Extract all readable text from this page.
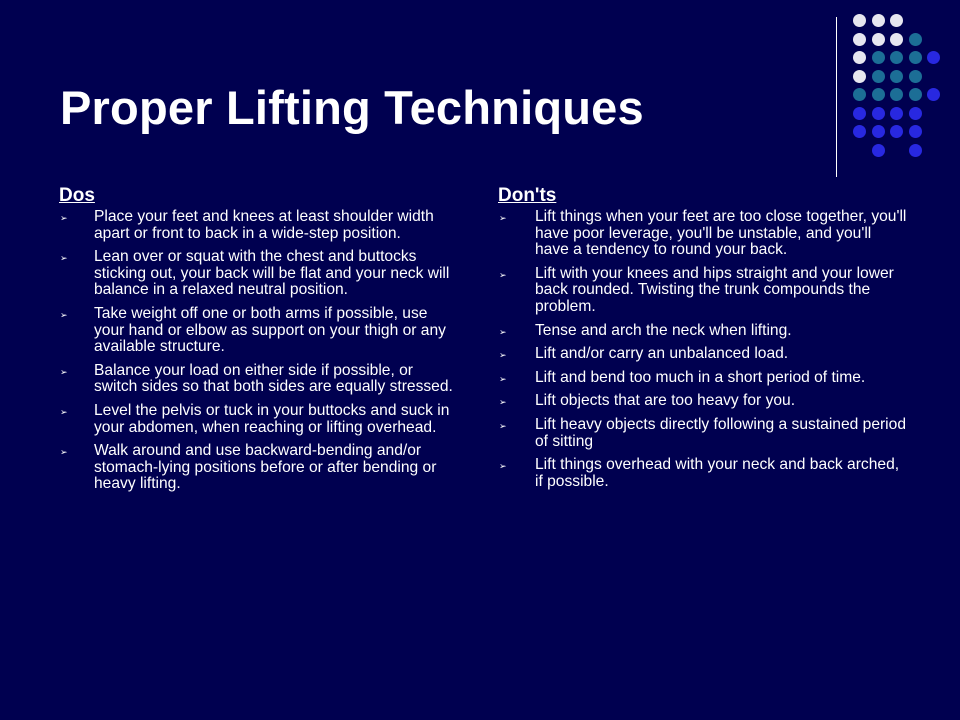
Proper Lifting Techniques
Dos
➢ Place your feet and knees at least shoulder width apart or front to back in a wide-step position.
➢ Lean over or squat with the chest and buttocks sticking out, your back will be flat and your neck will balance in a relaxed neutral position.
➢ Take weight off one or both arms if possible, use your hand or elbow as support on your thigh or any available structure.
➢ Balance your load on either side if possible, or switch sides so that both sides are equally stressed.
➢ Level the pelvis or tuck in your buttocks and suck in your abdomen, when reaching or lifting overhead.
➢ Walk around and use backward-bending and/or stomach-lying positions before or after bending or heavy lifting.
Don'ts
➢ Lift things when your feet are too close together, you'll have poor leverage, you'll be unstable, and you'll have a tendency to round your back.
➢ Lift with your knees and hips straight and your lower back rounded. Twisting the trunk compounds the problem.
➢ Tense and arch the neck when lifting.
➢ Lift and/or carry an unbalanced load.
➢ Lift and bend too much in a short period of time.
➢ Lift objects that are too heavy for you.
➢ Lift heavy objects directly following a sustained period of sitting
➢ Lift things overhead with your neck and back arched, if possible.
